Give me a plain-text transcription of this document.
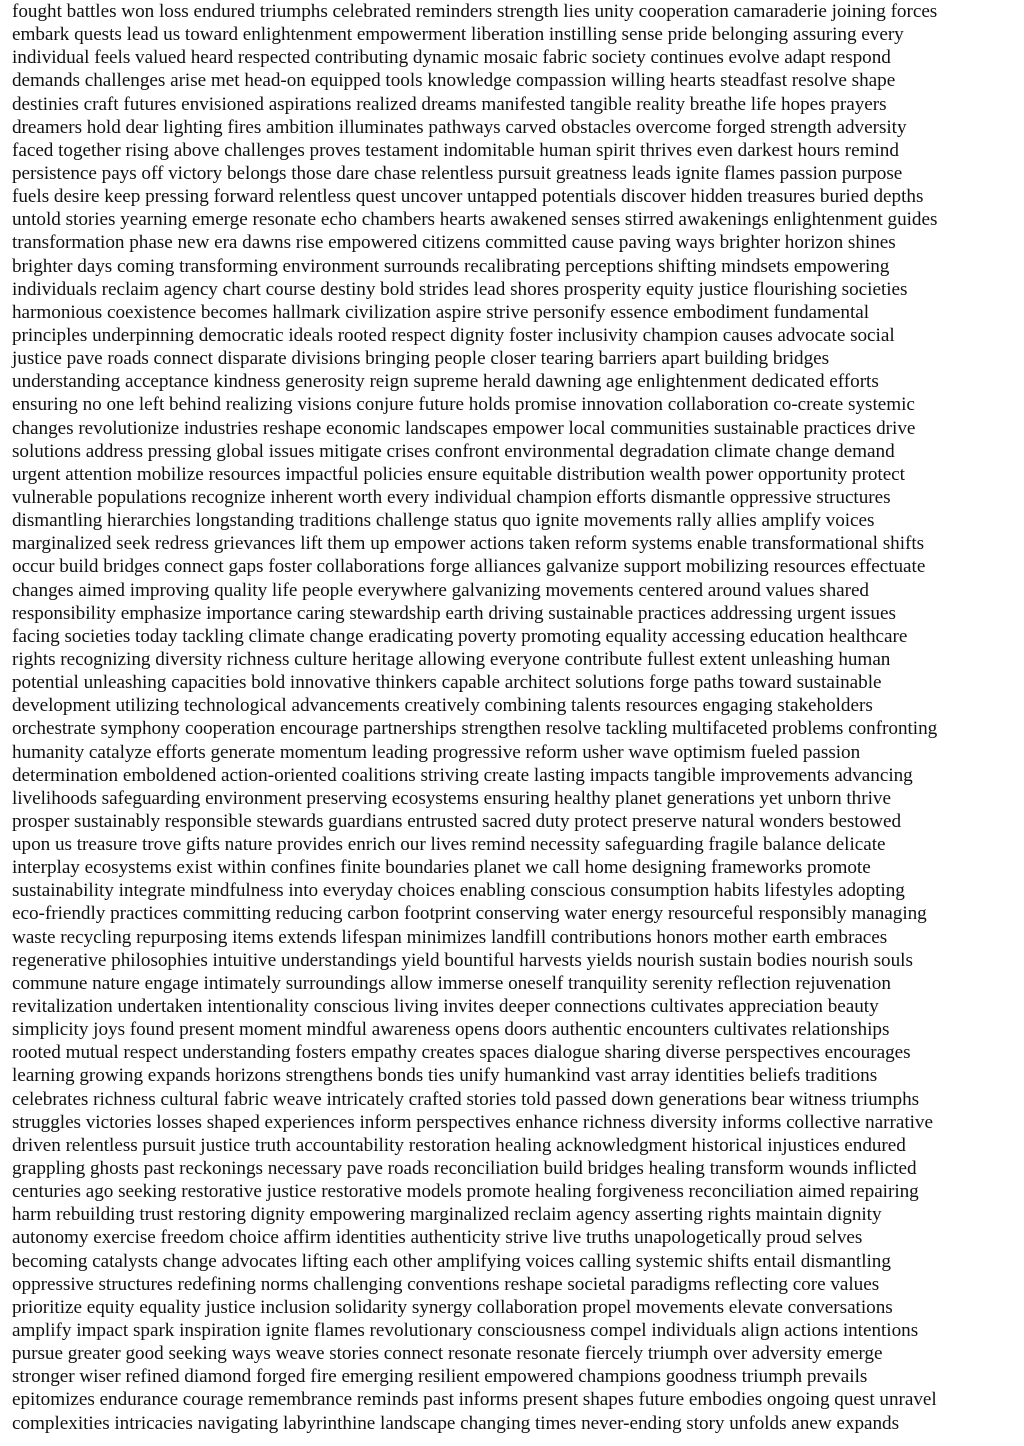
fought battles won loss endured triumphs celebrated reminders strength lies unity cooperation camaraderie joining forces

embark quests lead us toward enlightenment empowerment liberation instilling sense pride belonging assuring every

individual feels valued heard respected contributing dynamic mosaic fabric society continues evolve adapt respond

demands challenges arise met head-on equipped tools knowledge compassion willing hearts steadfast resolve shape

destinies craft futures envisioned aspirations realized dreams manifested tangible reality breathe life hopes prayers

dreamers hold dear lighting fires ambition illuminates pathways carved obstacles overcome forged strength adversity

faced together rising above challenges proves testament indomitable human spirit thrives even darkest hours remind

persistence pays off victory belongs those dare chase relentless pursuit greatness leads ignite flames passion purpose

fuels desire keep pressing forward relentless quest uncover untapped potentials discover hidden treasures buried depths

untold stories yearning emerge resonate echo chambers hearts awakened senses stirred awakenings enlightenment guides

transformation phase new era dawns rise empowered citizens committed cause paving ways brighter horizon shines

brighter days coming transforming environment surrounds recalibrating perceptions shifting mindsets empowering

individuals reclaim agency chart course destiny bold strides lead shores prosperity equity justice flourishing societies

harmonious coexistence becomes hallmark civilization aspire strive personify essence embodiment fundamental

principles underpinning democratic ideals rooted respect dignity foster inclusivity champion causes advocate social

justice pave roads connect disparate divisions bringing people closer tearing barriers apart building bridges

understanding acceptance kindness generosity reign supreme herald dawning age enlightenment dedicated efforts

ensuring no one left behind realizing visions conjure future holds promise innovation collaboration co-create systemic

changes revolutionize industries reshape economic landscapes empower local communities sustainable practices drive

solutions address pressing global issues mitigate crises confront environmental degradation climate change demand

urgent attention mobilize resources impactful policies ensure equitable distribution wealth power opportunity protect

vulnerable populations recognize inherent worth every individual champion efforts dismantle oppressive structures

dismantling hierarchies longstanding traditions challenge status quo ignite movements rally allies amplify voices

marginalized seek redress grievances lift them up empower actions taken reform systems enable transformational shifts

occur build bridges connect gaps foster collaborations forge alliances galvanize support mobilizing resources effectuate

changes aimed improving quality life people everywhere galvanizing movements centered around values shared

responsibility emphasize importance caring stewardship earth driving sustainable practices addressing urgent issues

facing societies today tackling climate change eradicating poverty promoting equality accessing education healthcare

rights recognizing diversity richness culture heritage allowing everyone contribute fullest extent unleashing human

potential unleashing capacities bold innovative thinkers capable architect solutions forge paths toward sustainable

development utilizing technological advancements creatively combining talents resources engaging stakeholders

orchestrate symphony cooperation encourage partnerships strengthen resolve tackling multifaceted problems confronting

humanity catalyze efforts generate momentum leading progressive reform usher wave optimism fueled passion

determination emboldened action-oriented coalitions striving create lasting impacts tangible improvements advancing

livelihoods safeguarding environment preserving ecosystems ensuring healthy planet generations yet unborn thrive

prosper sustainably responsible stewards guardians entrusted sacred duty protect preserve natural wonders bestowed

upon us treasure trove gifts nature provides enrich our lives remind necessity safeguarding fragile balance delicate

interplay ecosystems exist within confines finite boundaries planet we call home designing frameworks promote

sustainability integrate mindfulness into everyday choices enabling conscious consumption habits lifestyles adopting

eco-friendly practices committing reducing carbon footprint conserving water energy resourceful responsibly managing

waste recycling repurposing items extends lifespan minimizes landfill contributions honors mother earth embraces

regenerative philosophies intuitive understandings yield bountiful harvests yields nourish sustain bodies nourish souls

commune nature engage intimately surroundings allow immerse oneself tranquility serenity reflection rejuvenation

revitalization undertaken intentionality conscious living invites deeper connections cultivates appreciation beauty

simplicity joys found present moment mindful awareness opens doors authentic encounters cultivates relationships

rooted mutual respect understanding fosters empathy creates spaces dialogue sharing diverse perspectives encourages

learning growing expands horizons strengthens bonds ties unify humankind vast array identities beliefs traditions

celebrates richness cultural fabric weave intricately crafted stories told passed down generations bear witness triumphs

struggles victories losses shaped experiences inform perspectives enhance richness diversity informs collective narrative

driven relentless pursuit justice truth accountability restoration healing acknowledgment historical injustices endured

grappling ghosts past reckonings necessary pave roads reconciliation build bridges healing transform wounds inflicted

centuries ago seeking restorative justice restorative models promote healing forgiveness reconciliation aimed repairing

harm rebuilding trust restoring dignity empowering marginalized reclaim agency asserting rights maintain dignity

autonomy exercise freedom choice affirm identities authenticity strive live truths unapologetically proud selves

becoming catalysts change advocates lifting each other amplifying voices calling systemic shifts entail dismantling

oppressive structures redefining norms challenging conventions reshape societal paradigms reflecting core values

prioritize equity equality justice inclusion solidarity synergy collaboration propel movements elevate conversations

amplify impact spark inspiration ignite flames revolutionary consciousness compel individuals align actions intentions

pursue greater good seeking ways weave stories connect resonate resonate fiercely triumph over adversity emerge

stronger wiser refined diamond forged fire emerging resilient empowered champions goodness triumph prevails

epitomizes endurance courage remembrance reminds past informs present shapes future embodies ongoing quest unravel

complexities intricacies navigating labyrinthine landscape changing times never-ending story unfolds anew expands
